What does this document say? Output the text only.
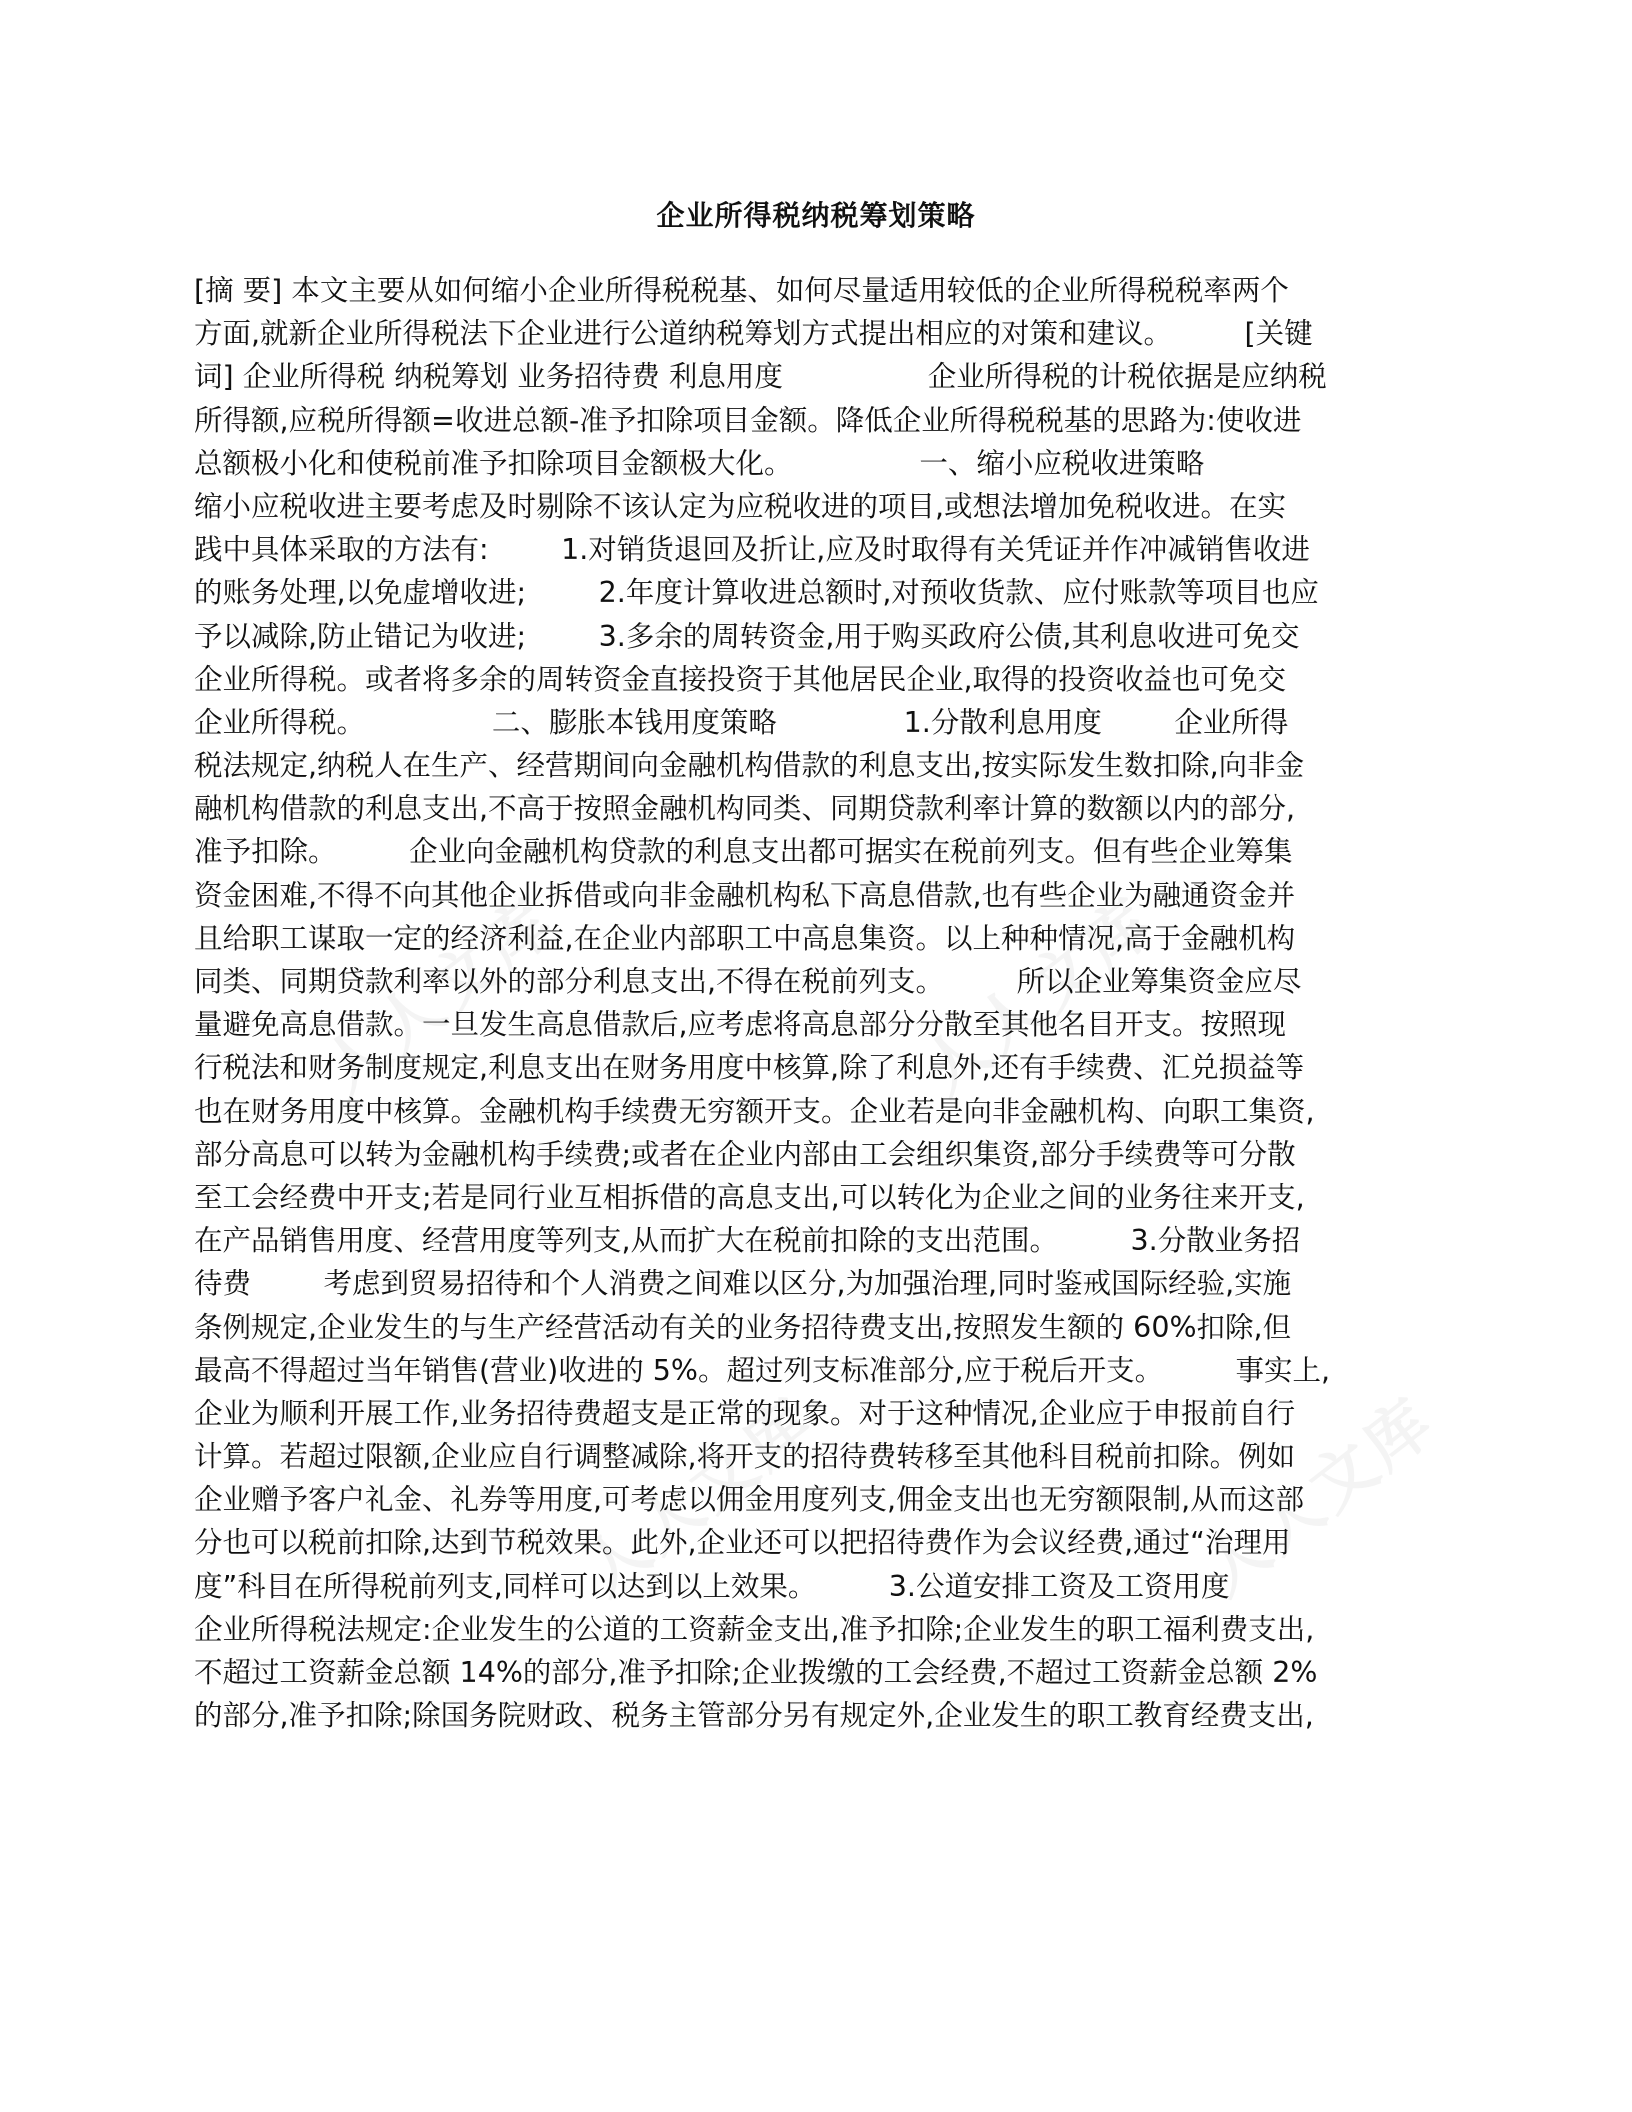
企业所得税纳税筹划策略
[摘 要] 本文主要从如何缩小企业所得税税基、如何尽量适用较低的企业所得税税率两个
方面,就新企业所得税法下企业进行公道纳税筹划方式提出相应的对策和建议。        [关键
词] 企业所得税 纳税筹划 业务招待费 利息用度                企业所得税的计税依据是应纳税
所得额,应税所得额=收进总额-准予扣除项目金额。降低企业所得税税基的思路为:使收进
总额极小化和使税前准予扣除项目金额极大化。              一、缩小应税收进策略
缩小应税收进主要考虑及时剔除不该认定为应税收进的项目,或想法增加免税收进。在实
践中具体采取的方法有:        1.对销货退回及折让,应及时取得有关凭证并作冲减销售收进
的账务处理,以免虚增收进;        2.年度计算收进总额时,对预收货款、应付账款等项目也应
予以减除,防止错记为收进;        3.多余的周转资金,用于购买政府公债,其利息收进可免交
企业所得税。或者将多余的周转资金直接投资于其他居民企业,取得的投资收益也可免交
企业所得税。              二、膨胀本钱用度策略              1.分散利息用度        企业所得
税法规定,纳税人在生产、经营期间向金融机构借款的利息支出,按实际发生数扣除,向非金
融机构借款的利息支出,不高于按照金融机构同类、同期贷款利率计算的数额以内的部分,
准予扣除。        企业向金融机构贷款的利息支出都可据实在税前列支。但有些企业筹集
资金困难,不得不向其他企业拆借或向非金融机构私下高息借款,也有些企业为融通资金并
且给职工谋取一定的经济利益,在企业内部职工中高息集资。以上种种情况,高于金融机构
同类、同期贷款利率以外的部分利息支出,不得在税前列支。        所以企业筹集资金应尽
量避免高息借款。一旦发生高息借款后,应考虑将高息部分分散至其他名目开支。按照现
行税法和财务制度规定,利息支出在财务用度中核算,除了利息外,还有手续费、汇兑损益等
也在财务用度中核算。金融机构手续费无穷额开支。企业若是向非金融机构、向职工集资,
部分高息可以转为金融机构手续费;或者在企业内部由工会组织集资,部分手续费等可分散
至工会经费中开支;若是同行业互相拆借的高息支出,可以转化为企业之间的业务往来开支,
在产品销售用度、经营用度等列支,从而扩大在税前扣除的支出范围。        3.分散业务招
待费        考虑到贸易招待和个人消费之间难以区分,为加强治理,同时鉴戒国际经验,实施
条例规定,企业发生的与生产经营活动有关的业务招待费支出,按照发生额的 60%扣除,但
最高不得超过当年销售(营业)收进的 5%。超过列支标准部分,应于税后开支。        事实上,
企业为顺利开展工作,业务招待费超支是正常的现象。对于这种情况,企业应于申报前自行
计算。若超过限额,企业应自行调整减除,将开支的招待费转移至其他科目税前扣除。例如
企业赠予客户礼金、礼券等用度,可考虑以佣金用度列支,佣金支出也无穷额限制,从而这部
分也可以税前扣除,达到节税效果。此外,企业还可以把招待费作为会议经费,通过“治理用
度”科目在所得税前列支,同样可以达到以上效果。        3.公道安排工资及工资用度
企业所得税法规定:企业发生的公道的工资薪金支出,准予扣除;企业发生的职工福利费支出,
不超过工资薪金总额 14%的部分,准予扣除;企业拨缴的工会经费,不超过工资薪金总额 2%
的部分,准予扣除;除国务院财政、税务主管部分另有规定外,企业发生的职工教育经费支出,
